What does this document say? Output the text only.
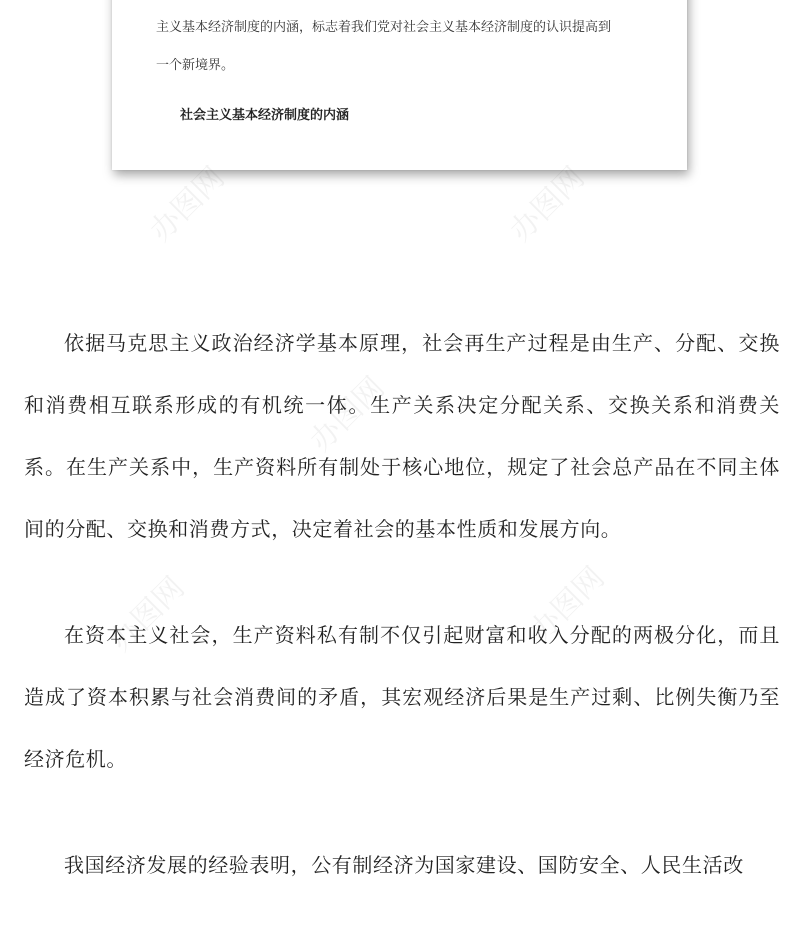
主义基本经济制度的内涵，标志着我们党对社会主义基本经济制度的认识提高到
一个新境界。
社会主义基本经济制度的内涵
办图网	办图网
办图网
办图网	办图网

依据马克思主义政治经济学基本原理，社会再生产过程是由生产、分配、交换和消费相互联系形成的有机统一体。生产关系决定分配关系、交换关系和消费关系。在生产关系中，生产资料所有制处于核心地位，规定了社会总产品在不同主体间的分配、交换和消费方式，决定着社会的基本性质和发展方向。

在资本主义社会，生产资料私有制不仅引起财富和收入分配的两极分化，而且造成了资本积累与社会消费间的矛盾，其宏观经济后果是生产过剩、比例失衡乃至经济危机。

我国经济发展的经验表明，公有制经济为国家建设、国防安全、人民生活改
